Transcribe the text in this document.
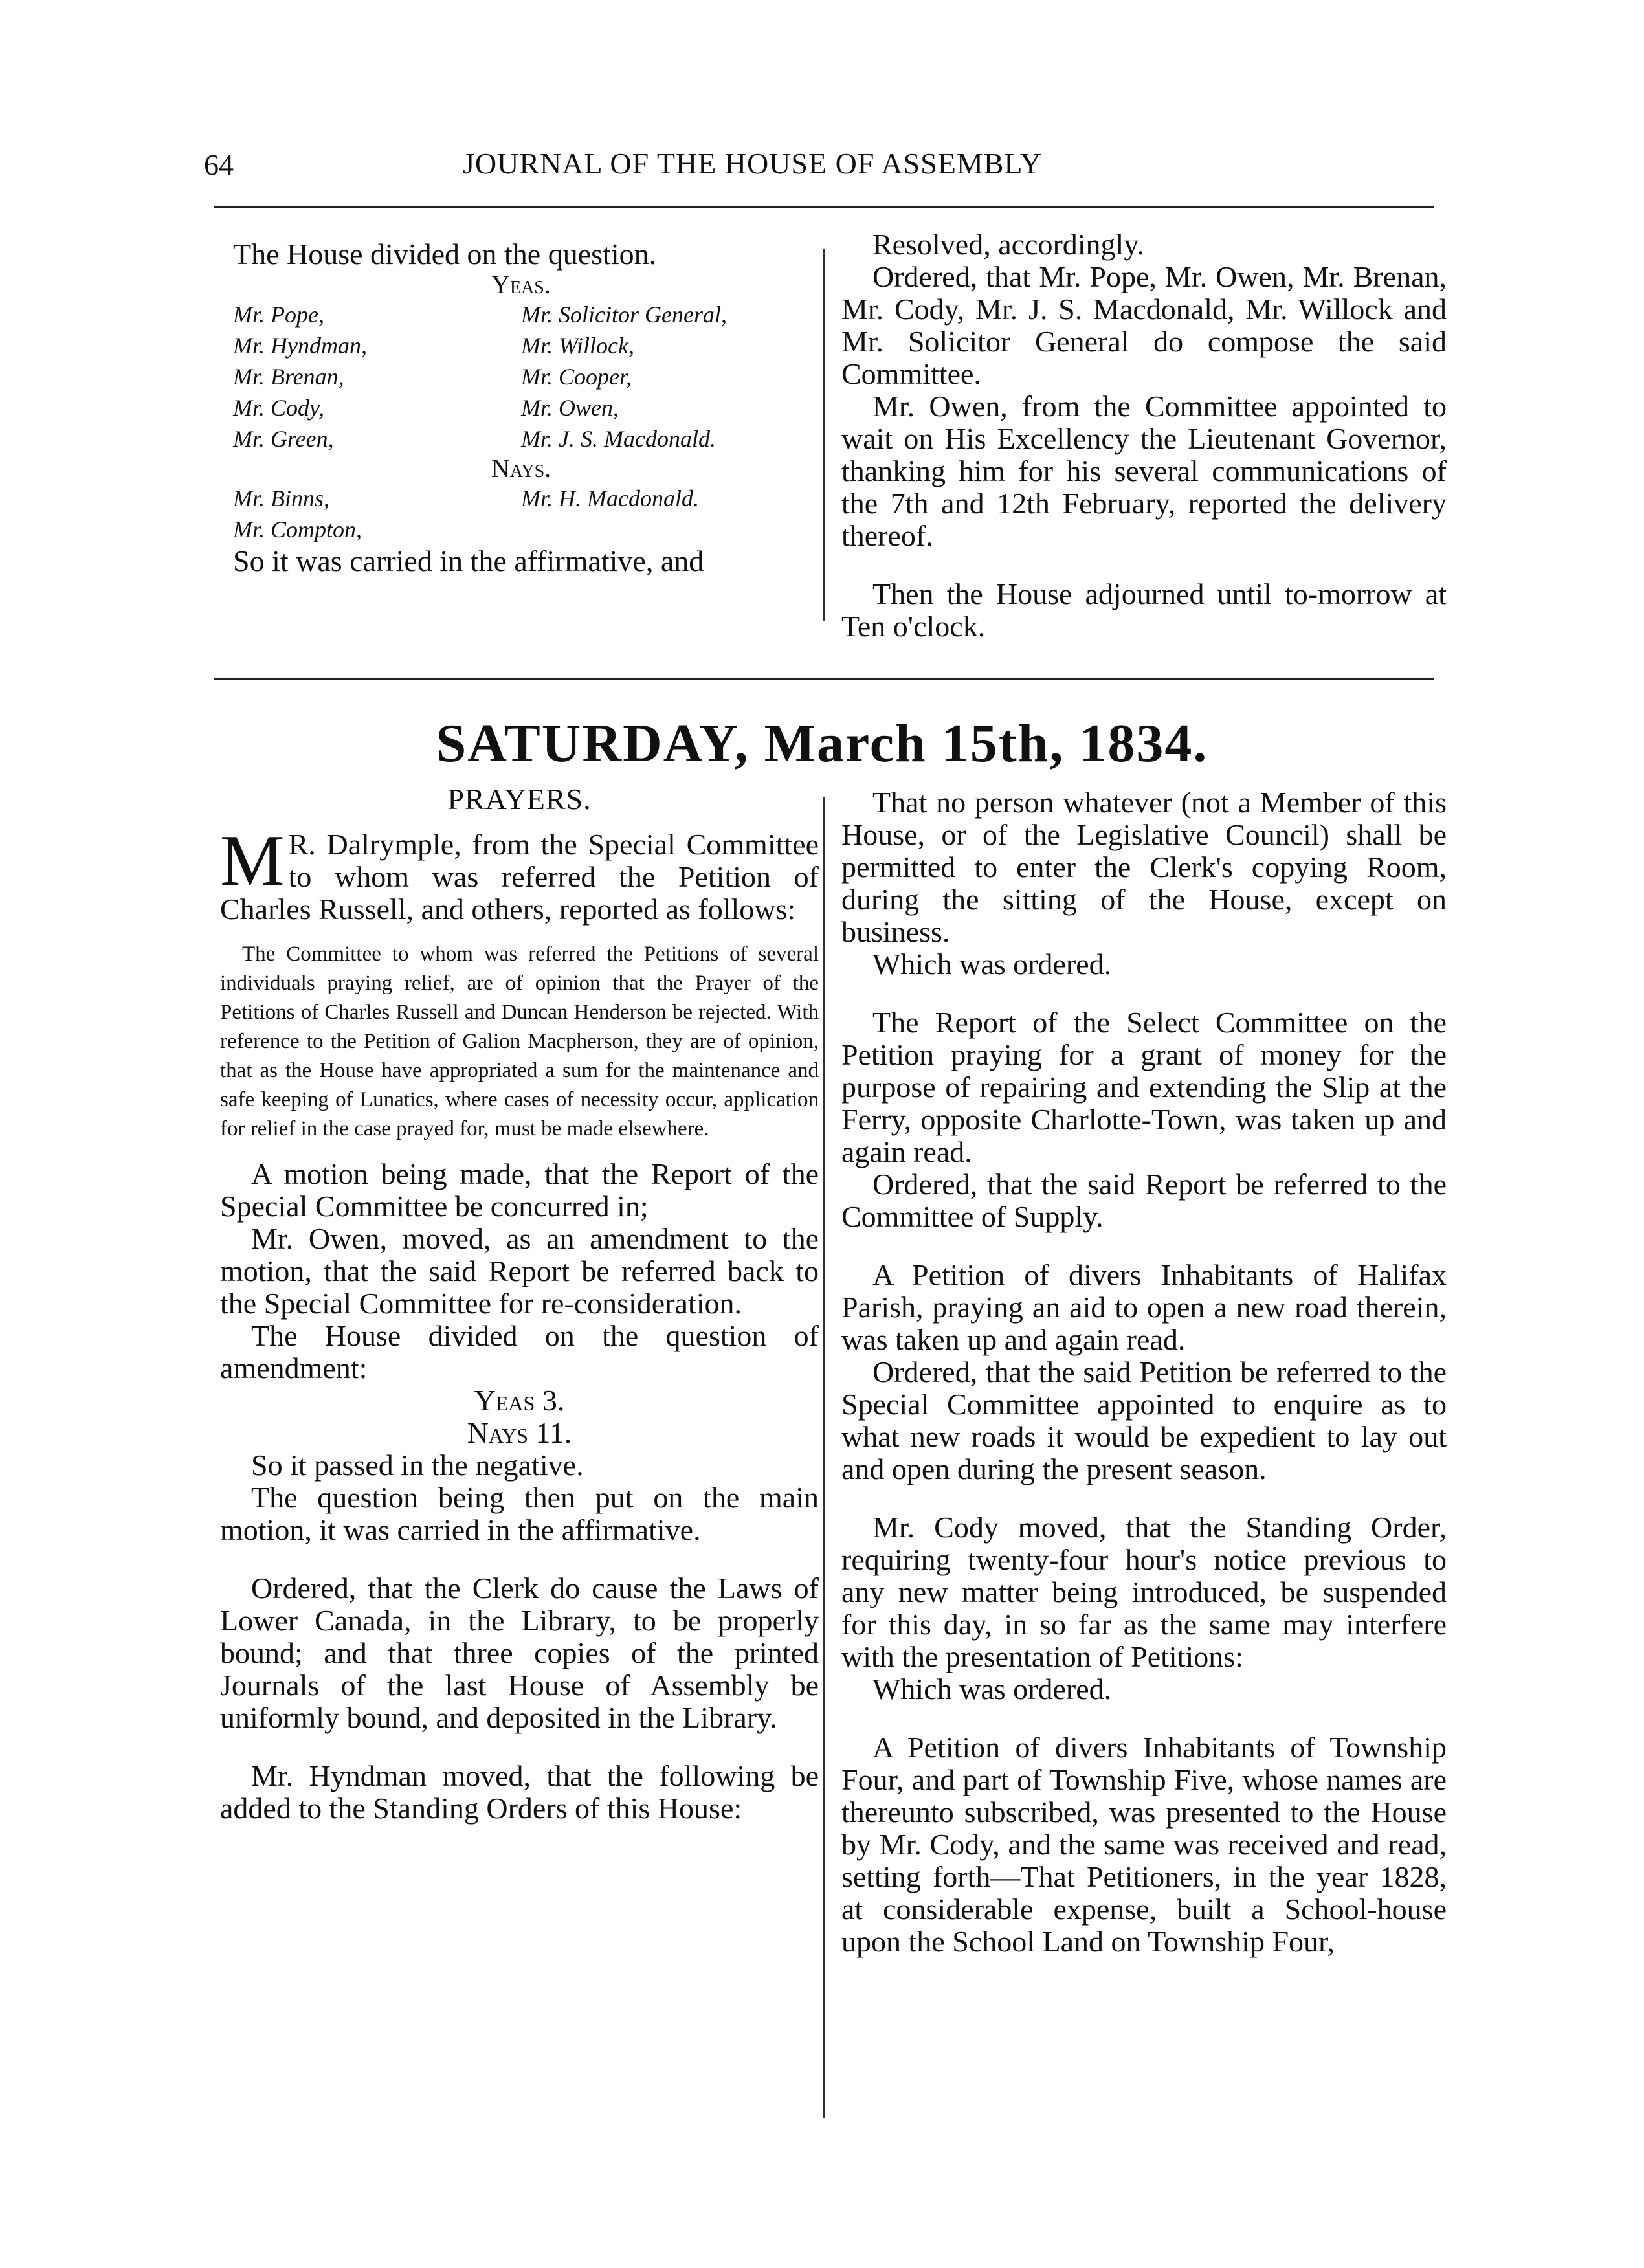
64	JOURNAL OF THE HOUSE OF ASSEMBLY

The House divided on the question.

Yeas.
Mr. Pope,	Mr. Solicitor General,
Mr. Hyndman,	Mr. Willock,
Mr. Brenan,	Mr. Cooper,
Mr. Cody,	Mr. Owen,
Mr. Green,	Mr. J. S. Macdonald.
Nays.
Mr. Binns,	Mr. H. Macdonald.
Mr. Compton,

So it was carried in the affirmative, and

Resolved, accordingly.

Ordered, that Mr. Pope, Mr. Owen, Mr. Brenan, Mr. Cody, Mr. J. S. Macdonald, Mr. Willock and Mr. Solicitor General do compose the said Committee.

Mr. Owen, from the Committee appointed to wait on His Excellency the Lieutenant Governor, thanking him for his several communications of the 7th and 12th February, reported the delivery thereof.

Then the House adjourned until to-morrow at Ten o'clock.

SATURDAY, March 15th, 1834.
PRAYERS.

M R. Dalrymple, from the Special Committee to whom was referred the Petition of Charles Russell, and others, reported as follows:

The Committee to whom was referred the Petitions of several individuals praying relief, are of opinion that the Prayer of the Petitions of Charles Russell and Duncan Henderson be rejected. With reference to the Petition of Galion Macpherson, they are of opinion, that as the House have appropriated a sum for the maintenance and safe keeping of Lunatics, where cases of necessity occur, application for relief in the case prayed for, must be made elsewhere.

A motion being made, that the Report of the Special Committee be concurred in;

Mr. Owen, moved, as an amendment to the motion, that the said Report be referred back to the Special Committee for re-consideration.

The House divided on the question of amendment:

Yeas 3.

Nays 11.

So it passed in the negative.

The question being then put on the main motion, it was carried in the affirmative.

Ordered, that the Clerk do cause the Laws of Lower Canada, in the Library, to be properly bound; and that three copies of the printed Journals of the last House of Assembly be uniformly bound, and deposited in the Library.

Mr. Hyndman moved, that the following be added to the Standing Orders of this House:

That no person whatever (not a Member of this House, or of the Legislative Council) shall be permitted to enter the Clerk's copying Room, during the sitting of the House, except on business.

Which was ordered.

The Report of the Select Committee on the Petition praying for a grant of money for the purpose of repairing and extending the Slip at the Ferry, opposite Charlotte-Town, was taken up and again read.

Ordered, that the said Report be referred to the Committee of Supply.

A Petition of divers Inhabitants of Halifax Parish, praying an aid to open a new road therein, was taken up and again read.

Ordered, that the said Petition be referred to the Special Committee appointed to enquire as to what new roads it would be expedient to lay out and open during the present season.

Mr. Cody moved, that the Standing Order, requiring twenty-four hour's notice previous to any new matter being introduced, be suspended for this day, in so far as the same may interfere with the presentation of Petitions:

Which was ordered.

A Petition of divers Inhabitants of Township Four, and part of Township Five, whose names are thereunto subscribed, was presented to the House by Mr. Cody, and the same was received and read, setting forth—That Petitioners, in the year 1828, at considerable expense, built a School-house upon the School Land on Township Four,
